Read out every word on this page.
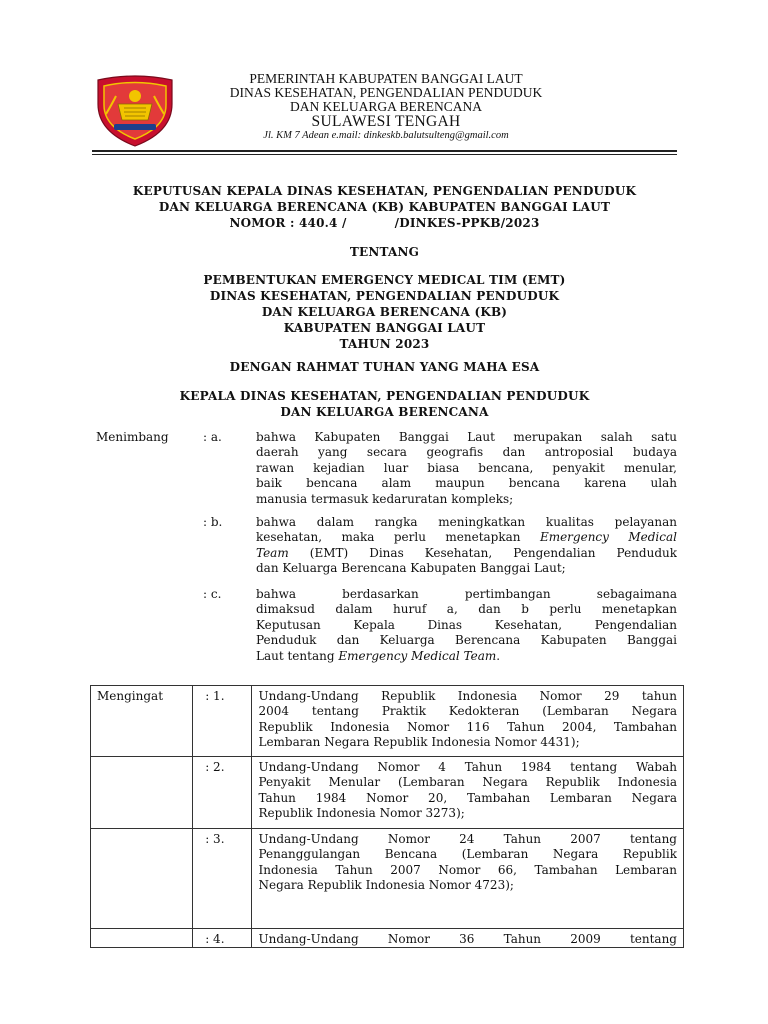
PEMERINTAH KABUPATEN BANGGAI LAUT
DINAS KESEHATAN, PENGENDALIAN PENDUDUK
DAN KELUARGA BERENCANA
SULAWESI TENGAH
Jl. KM 7 Adean e.mail: dinkeskb.balutsulteng@gmail.com
KEPUTUSAN KEPALA DINAS KESEHATAN, PENGENDALIAN PENDUDUK
DAN KELUARGA BERENCANA (KB) KABUPATEN BANGGAI LAUT
NOMOR : 440.4 /           /DINKES-PPKB/2023
TENTANG
PEMBENTUKAN EMERGENCY MEDICAL TIM (EMT)
DINAS KESEHATAN, PENGENDALIAN PENDUDUK
DAN KELUARGA BERENCANA (KB)
KABUPATEN BANGGAI LAUT
TAHUN 2023
DENGAN RAHMAT TUHAN YANG MAHA ESA
KEPALA DINAS KESEHATAN, PENGENDALIAN PENDUDUK
DAN KELUARGA BERENCANA
Menimbang	: a.	bahwa Kabupaten Banggai Laut merupakan salah satu
daerah yang secara geografis dan antroposial budaya
rawan kejadian luar biasa bencana, penyakit menular,
baik bencana alam maupun bencana karena ulah
manusia termasuk kedaruratan kompleks;
: b.	bahwa dalam rangka meningkatkan kualitas pelayanan
kesehatan, maka perlu menetapkan Emergency Medical
Team (EMT) Dinas Kesehatan, Pengendalian Penduduk
dan Keluarga Berencana Kabupaten Banggai Laut;
: c.	bahwa berdasarkan pertimbangan sebagaimana
dimaksud dalam huruf a, dan b perlu menetapkan
Keputusan Kepala Dinas Kesehatan, Pengendalian
Penduduk dan Keluarga Berencana Kabupaten Banggai
Laut tentang Emergency Medical Team.
Mengingat	: 1.	Undang-Undang Republik Indonesia Nomor 29 tahun
2004 tentang Praktik Kedokteran (Lembaran Negara
Republik Indonesia Nomor 116 Tahun 2004, Tambahan
Lembaran Negara Republik Indonesia Nomor 4431);

	: 2.	Undang-Undang Nomor 4 Tahun 1984 tentang Wabah
Penyakit Menular (Lembaran Negara Republik Indonesia
Tahun 1984 Nomor 20, Tambahan Lembaran Negara
Republik Indonesia Nomor 3273);

	: 3.	Undang-Undang Nomor 24 Tahun 2007 tentang
Penanggulangan Bencana (Lembaran Negara Republik
Indonesia Tahun 2007 Nomor 66, Tambahan Lembaran
Negara Republik Indonesia Nomor 4723);

	: 4.	Undang-Undang Nomor 36 Tahun 2009 tentang
